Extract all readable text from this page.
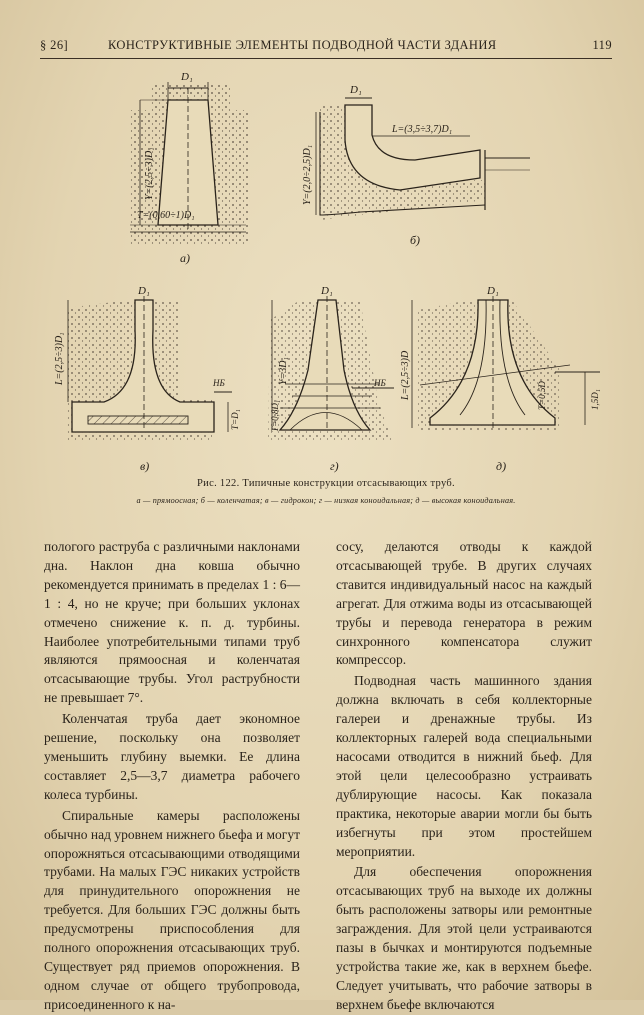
§ 26]	КОНСТРУКТИВНЫЕ ЭЛЕМЕНТЫ ПОДВОДНОЙ ЧАСТИ ЗДАНИЯ	119
D₁
Y=(2,5÷3)D₁
T=(0,60÷1)D₁
а)
D₁
Y=(2,0÷2,5)D₁
L=(3,5÷3,7)D₁
б)
D₁
L=(2,5÷3)D₁	НБ
T=D₁
в)
D₁
Y=3D₁	НБ
T=0,8D₁
г)
D₁
L=(2,5÷3)D	T=0,5D	1,5D₁
д)
Рис. 122. Типичные конструкции отсасывающих труб.
а — прямоосная; б — коленчатая; в — гидрокон; г — низкая коноидальная; д — высокая коноидальная.

пологого раструба с различными наклонами дна. Наклон дна ковша обычно рекомендуется принимать в пределах 1 : 6—1 : 4, но не круче; при больших уклонах отмечено снижение к. п. д. турбины. Наиболее употребительными типами труб являются прямоосная и коленчатая отсасывающие трубы. Угол раструбности не превышает 7°.

Коленчатая труба дает экономное решение, поскольку она позволяет уменьшить глубину выемки. Ее длина составляет 2,5—3,7 диаметра рабочего колеса турбины.

Спиральные камеры расположены обычно над уровнем нижнего бьефа и могут опорожняться отсасывающими отводящими трубами. На малых ГЭС никаких устройств для принудительного опорожнения не требуется. Для больших ГЭС должны быть предусмотрены приспособления для полного опорожнения отсасывающих труб. Существует ряд приемов опорожнения. В одном случае от общего трубопровода, присоединенного к на-

сосу, делаются отводы к каждой отсасывающей трубе. В других случаях ставится индивидуальный насос на каждый агрегат. Для отжима воды из отсасывающей трубы и перевода генератора в режим синхронного компенсатора служит компрессор.

Подводная часть машинного здания должна включать в себя коллекторные галереи и дренажные трубы. Из коллекторных галерей вода специальными насосами отводится в нижний бьеф. Для этой цели целесообразно устраивать дублирующие насосы. Как показала практика, некоторые аварии могли бы быть избегнуты при этом простейшем мероприятии.

Для обеспечения опорожнения отсасывающих труб на выходе их должны быть расположены затворы или ремонтные заграждения. Для этой цели устраиваются пазы в бычках и монтируются подъемные устройства такие же, как в верхнем бьефе. Следует учитывать, что рабочие затворы в верхнем бьефе включаются
